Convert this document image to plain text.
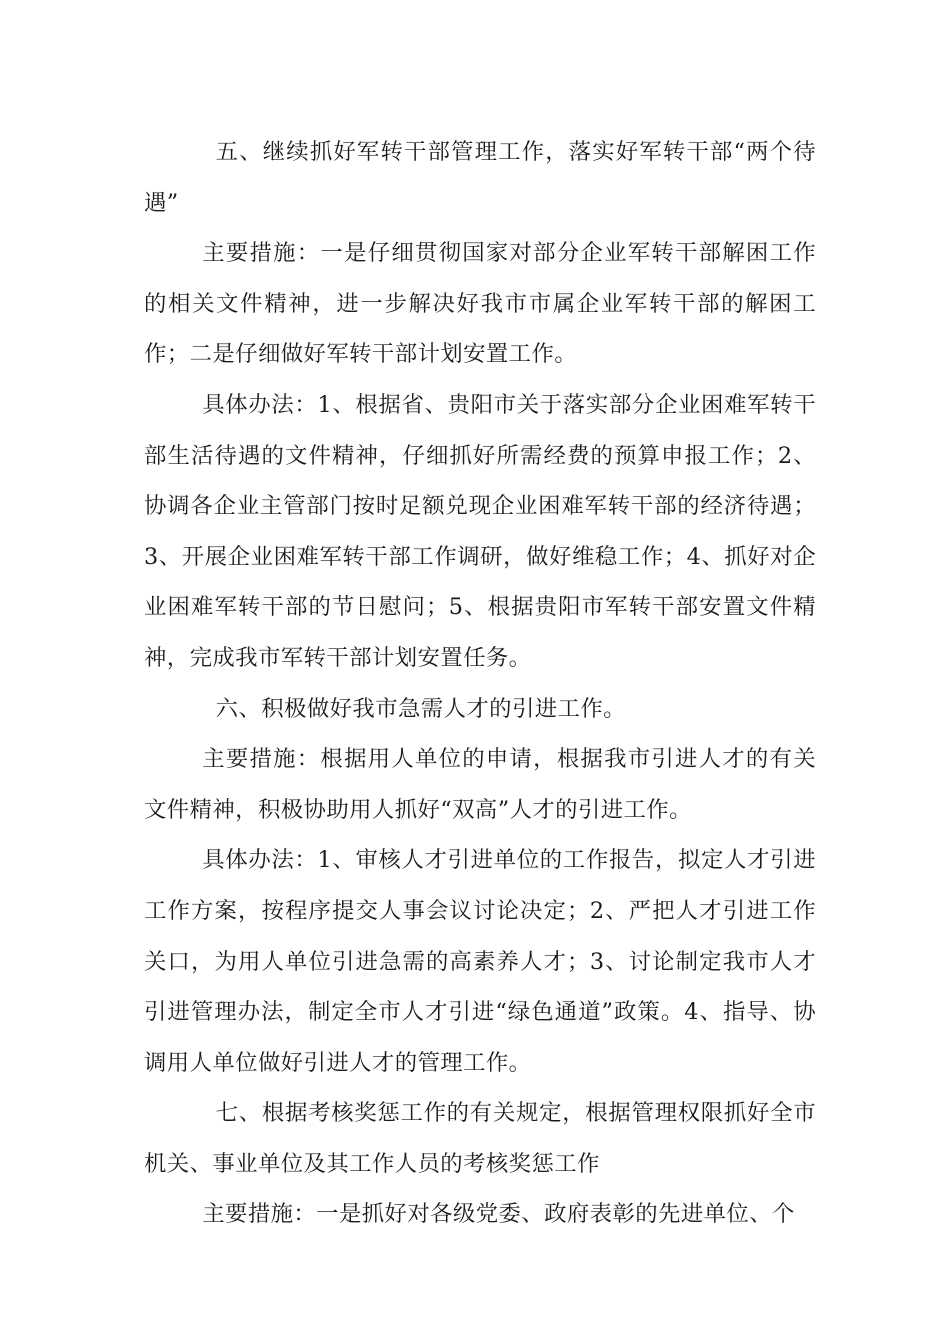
五、继续抓好军转干部管理工作，落实好军转干部“两个待遇”

主要措施：一是仔细贯彻国家对部分企业军转干部解困工作的相关文件精神，进一步解决好我市市属企业军转干部的解困工作；二是仔细做好军转干部计划安置工作。

具体办法：1、根据省、贵阳市关于落实部分企业困难军转干部生活待遇的文件精神，仔细抓好所需经费的预算申报工作；2、协调各企业主管部门按时足额兑现企业困难军转干部的经济待遇；3、开展企业困难军转干部工作调研，做好维稳工作；4、抓好对企业困难军转干部的节日慰问；5、根据贵阳市军转干部安置文件精神，完成我市军转干部计划安置任务。

六、积极做好我市急需人才的引进工作。

主要措施：根据用人单位的申请，根据我市引进人才的有关文件精神，积极协助用人抓好“双高”人才的引进工作。

具体办法：1、审核人才引进单位的工作报告，拟定人才引进工作方案，按程序提交人事会议讨论决定；2、严把人才引进工作关口，为用人单位引进急需的高素养人才；3、讨论制定我市人才引进管理办法，制定全市人才引进“绿色通道”政策。4、指导、协调用人单位做好引进人才的管理工作。

七、根据考核奖惩工作的有关规定，根据管理权限抓好全市机关、事业单位及其工作人员的考核奖惩工作

主要措施：一是抓好对各级党委、政府表彰的先进单位、个
